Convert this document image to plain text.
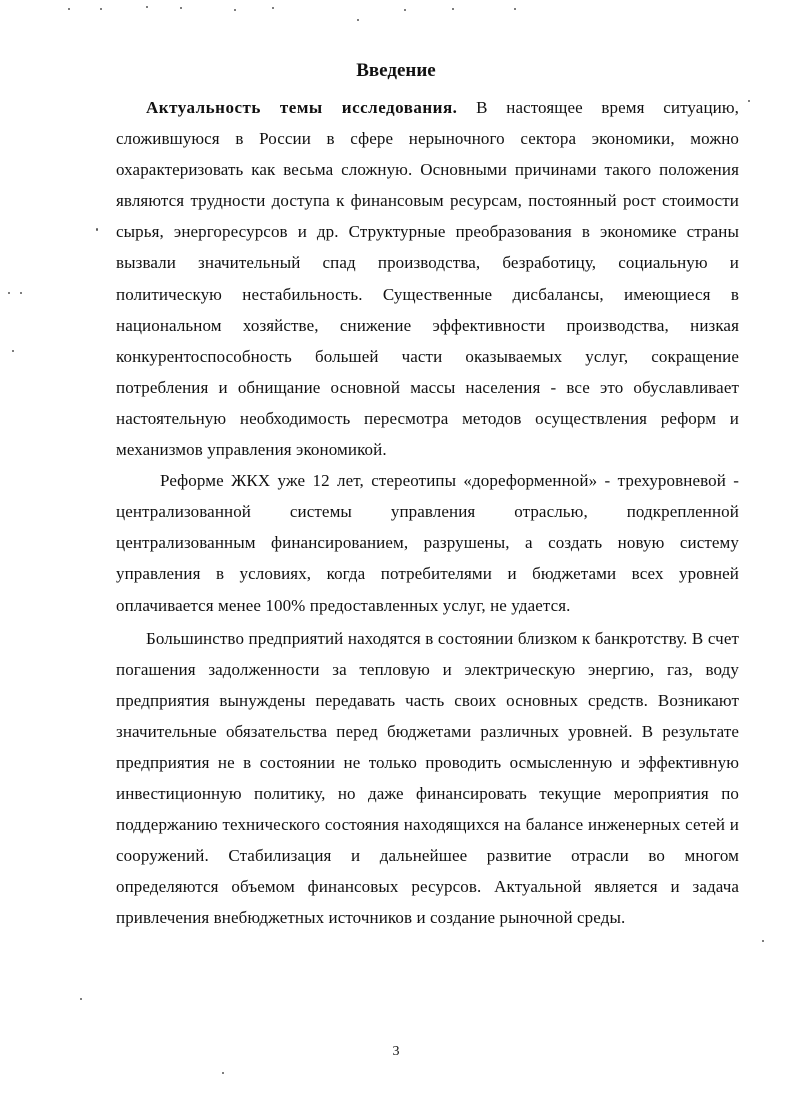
Введение

Актуальность темы исследования. В настоящее время ситуацию, сложившуюся в России в сфере нерыночного сектора экономики, можно охарактеризовать как весьма сложную. Основными причинами такого положения являются трудности доступа к финансовым ресурсам, постоянный рост стоимости сырья, энергоресурсов и др. Структурные преобразования в экономике страны вызвали значительный спад производства, безработицу, социальную и политическую нестабильность. Существенные дисбалансы, имеющиеся в национальном хозяйстве, снижение эффективности производства, низкая конкурентоспособность большей части оказываемых услуг, сокращение потребления и обнищание основной массы населения - все это обуславливает настоятельную необходимость пересмотра методов осуществления реформ и механизмов управления экономикой.

Реформе ЖКХ уже 12 лет, стереотипы «дореформенной» - трехуровневой - централизованной системы управления отраслью, подкрепленной централизованным финансированием, разрушены, а создать новую систему управления в условиях, когда потребителями и бюджетами всех уровней оплачивается менее 100% предоставленных услуг, не удается.

Большинство предприятий находятся в состоянии близком к банкротству. В счет погашения задолженности за тепловую и электрическую энергию, газ, воду предприятия вынуждены передавать часть своих основных средств. Возникают значительные обязательства перед бюджетами различных уровней. В результате предприятия не в состоянии не только проводить осмысленную и эффективную инвестиционную политику, но даже финансировать текущие мероприятия по поддержанию технического состояния находящихся на балансе инженерных сетей и сооружений. Стабилизация и дальнейшее развитие отрасли во многом определяются объемом финансовых ресурсов. Актуальной является и задача привлечения внебюджетных источников и создание рыночной среды.

3
